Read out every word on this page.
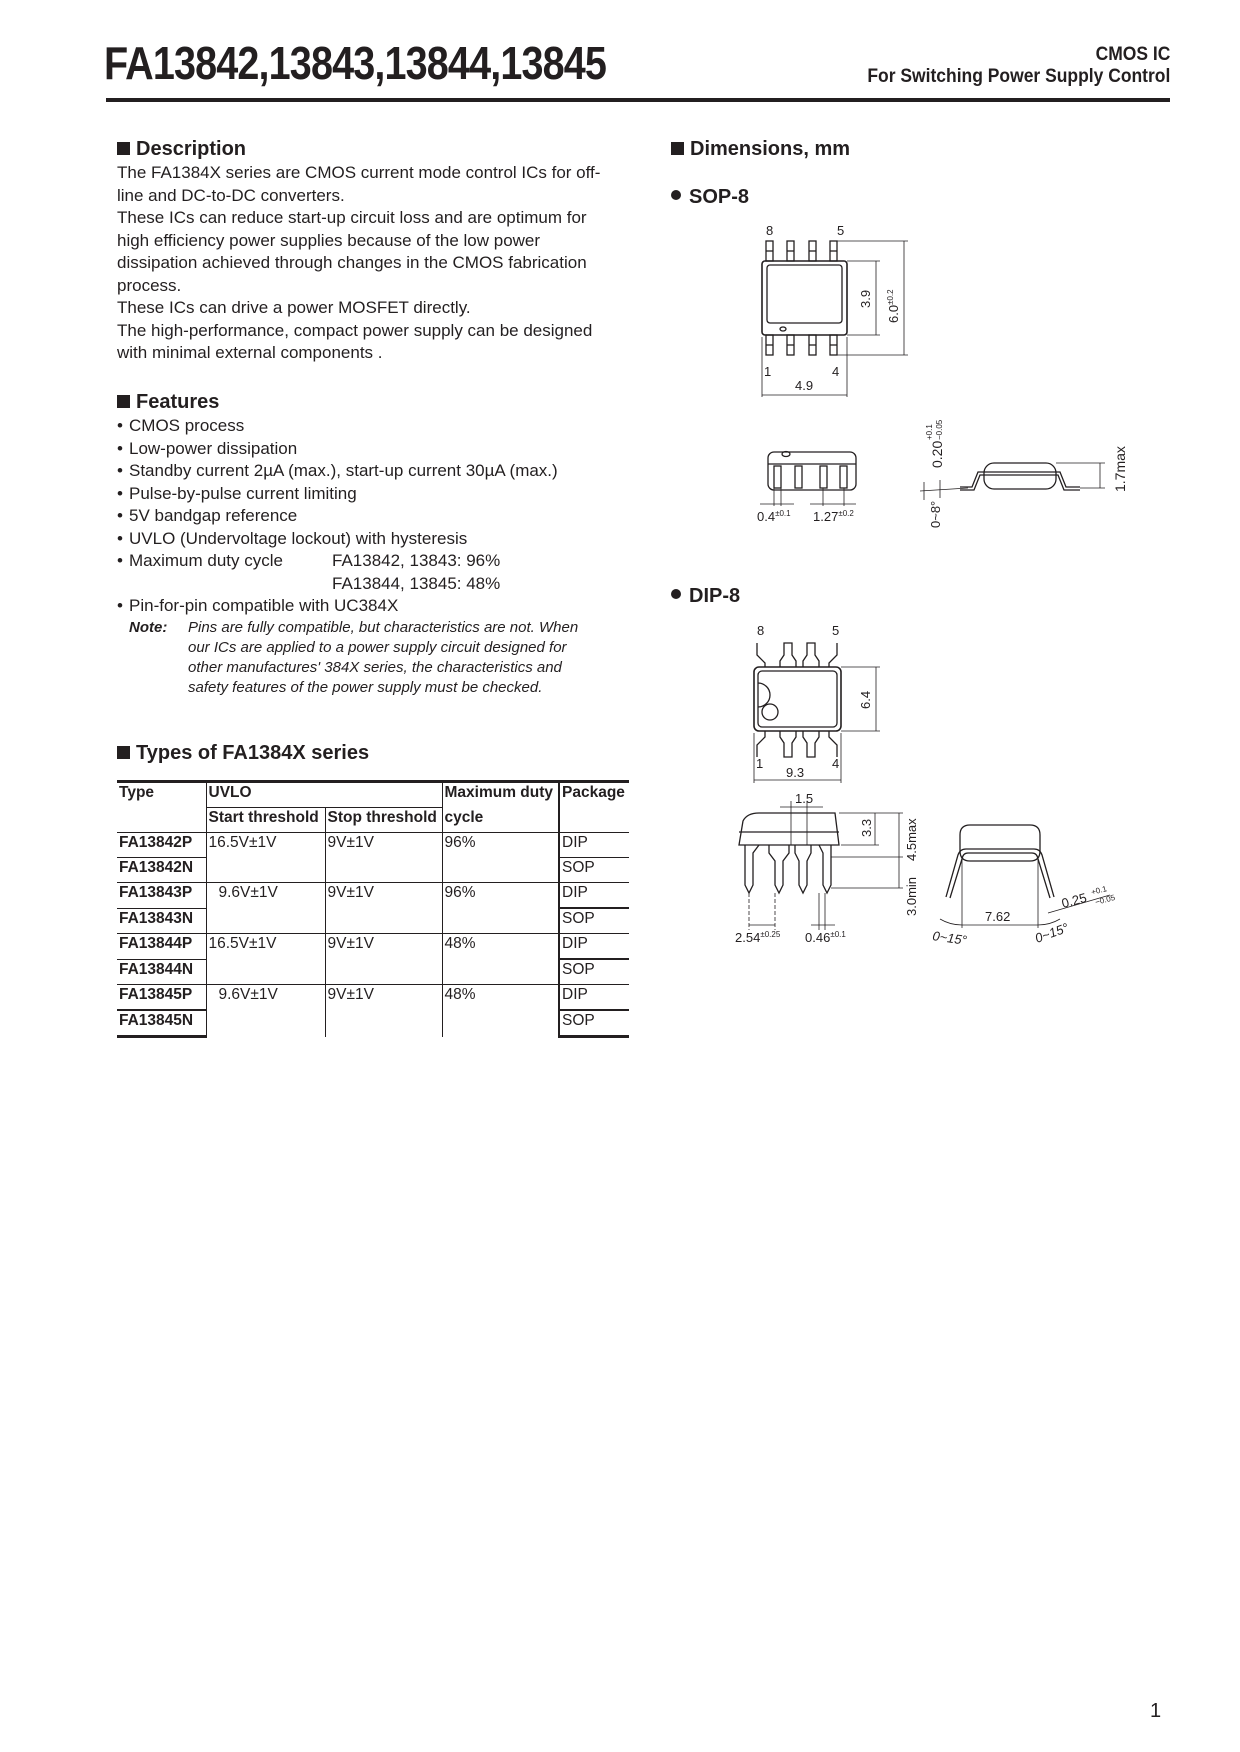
FA13842,13843,13844,13845	CMOS IC
For Switching Power Supply Control
Description

The FA1384X series are CMOS current mode control ICs for off-line and DC-to-DC converters.

These ICs can reduce start-up circuit loss and are optimum for high efficiency power supplies because of the low power dissipation achieved through changes in the CMOS fabrication process.

These ICs can drive a power MOSFET directly.

The high-performance, compact power supply can be designed with minimal external components .

Features
• CMOS process
• Low-power dissipation
• Standby current 2µA (max.), start-up current 30µA (max.)
• Pulse-by-pulse current limiting
• 5V bandgap reference
• UVLO (Undervoltage lockout) with hysteresis
• Maximum duty cycle	FA13842, 13843: 96%
FA13844, 13845: 48%
• Pin-for-pin compatible with UC384X
Note:	Pins are fully compatible, but characteristics are not. When our ICs are applied to a power supply circuit designed for other manufactures' 384X series, the characteristics and safety features of the power supply must be checked.
Types of FA1384X series
Type	UVLO		Maximum duty	Package
	Start threshold	Stop threshold	cycle	
FA13842P	16.5V±1V	9V±1V	96%	DIP
FA13842N				SOP
FA13843P	9.6V±1V	9V±1V	96%	DIP
FA13843N				SOP
FA13844P	16.5V±1V	9V±1V	48%	DIP
FA13844N				SOP
FA13845P	9.6V±1V	9V±1V	48%	DIP
FA13845N				SOP
Dimensions, mm
SOP-8
8	5
1	4
4.9
3.9
$6.0^{\pm 0.2}$
$0.4^{\pm 0.1}$ $1.27^{\pm 0.2}$
0.20
+0.1 −0.05
0~8°
1.7max
DIP-8
8	5
1	4
9.3
6.4
1.5
3.3 4.5max
3.0min
$2.54^{\pm 0.25}$ $0.46^{\pm 0.1}$
7.62
0.25 +0.1
−0.05
0~15°	0~15°
1
